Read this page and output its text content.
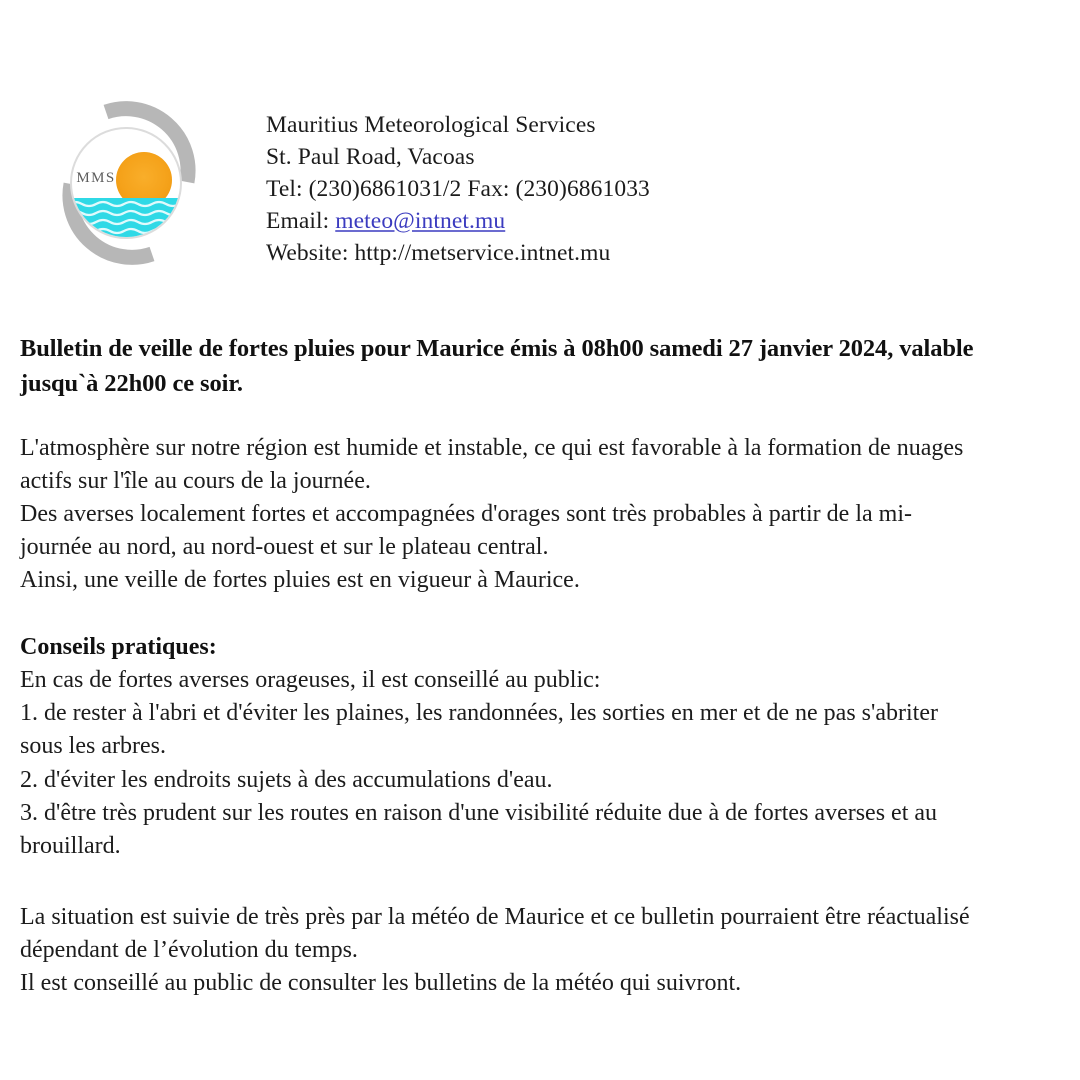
MMS
Mauritius Meteorological Services
St. Paul Road, Vacoas
Tel: (230)6861031/2 Fax: (230)6861033
Email: meteo@intnet.mu
Website: http://metservice.intnet.mu
Bulletin de veille de fortes pluies pour Maurice émis à 08h00 samedi 27 janvier 2024, valable
jusqu`à 22h00 ce soir.
L'atmosphère sur notre région est humide et instable, ce qui est favorable à la formation de nuages
actifs sur l'île au cours de la journée.
Des averses localement fortes et accompagnées d'orages sont très probables à partir de la mi-
journée au nord, au nord-ouest et sur le plateau central.
Ainsi, une veille de fortes pluies est en vigueur à Maurice.
Conseils pratiques:
En cas de fortes averses orageuses, il est conseillé au public:
1. de rester à l'abri et d'éviter les plaines, les randonnées, les sorties en mer et de ne pas s'abriter
sous les arbres.
2. d'éviter les endroits sujets à des accumulations d'eau.
3. d'être très prudent sur les routes en raison d'une visibilité réduite due à de fortes averses et au
brouillard.
La situation est suivie de très près par la météo de Maurice et ce bulletin pourraient être réactualisé
dépendant de l’évolution du temps.
Il est conseillé au public de consulter les bulletins de la météo qui suivront.
